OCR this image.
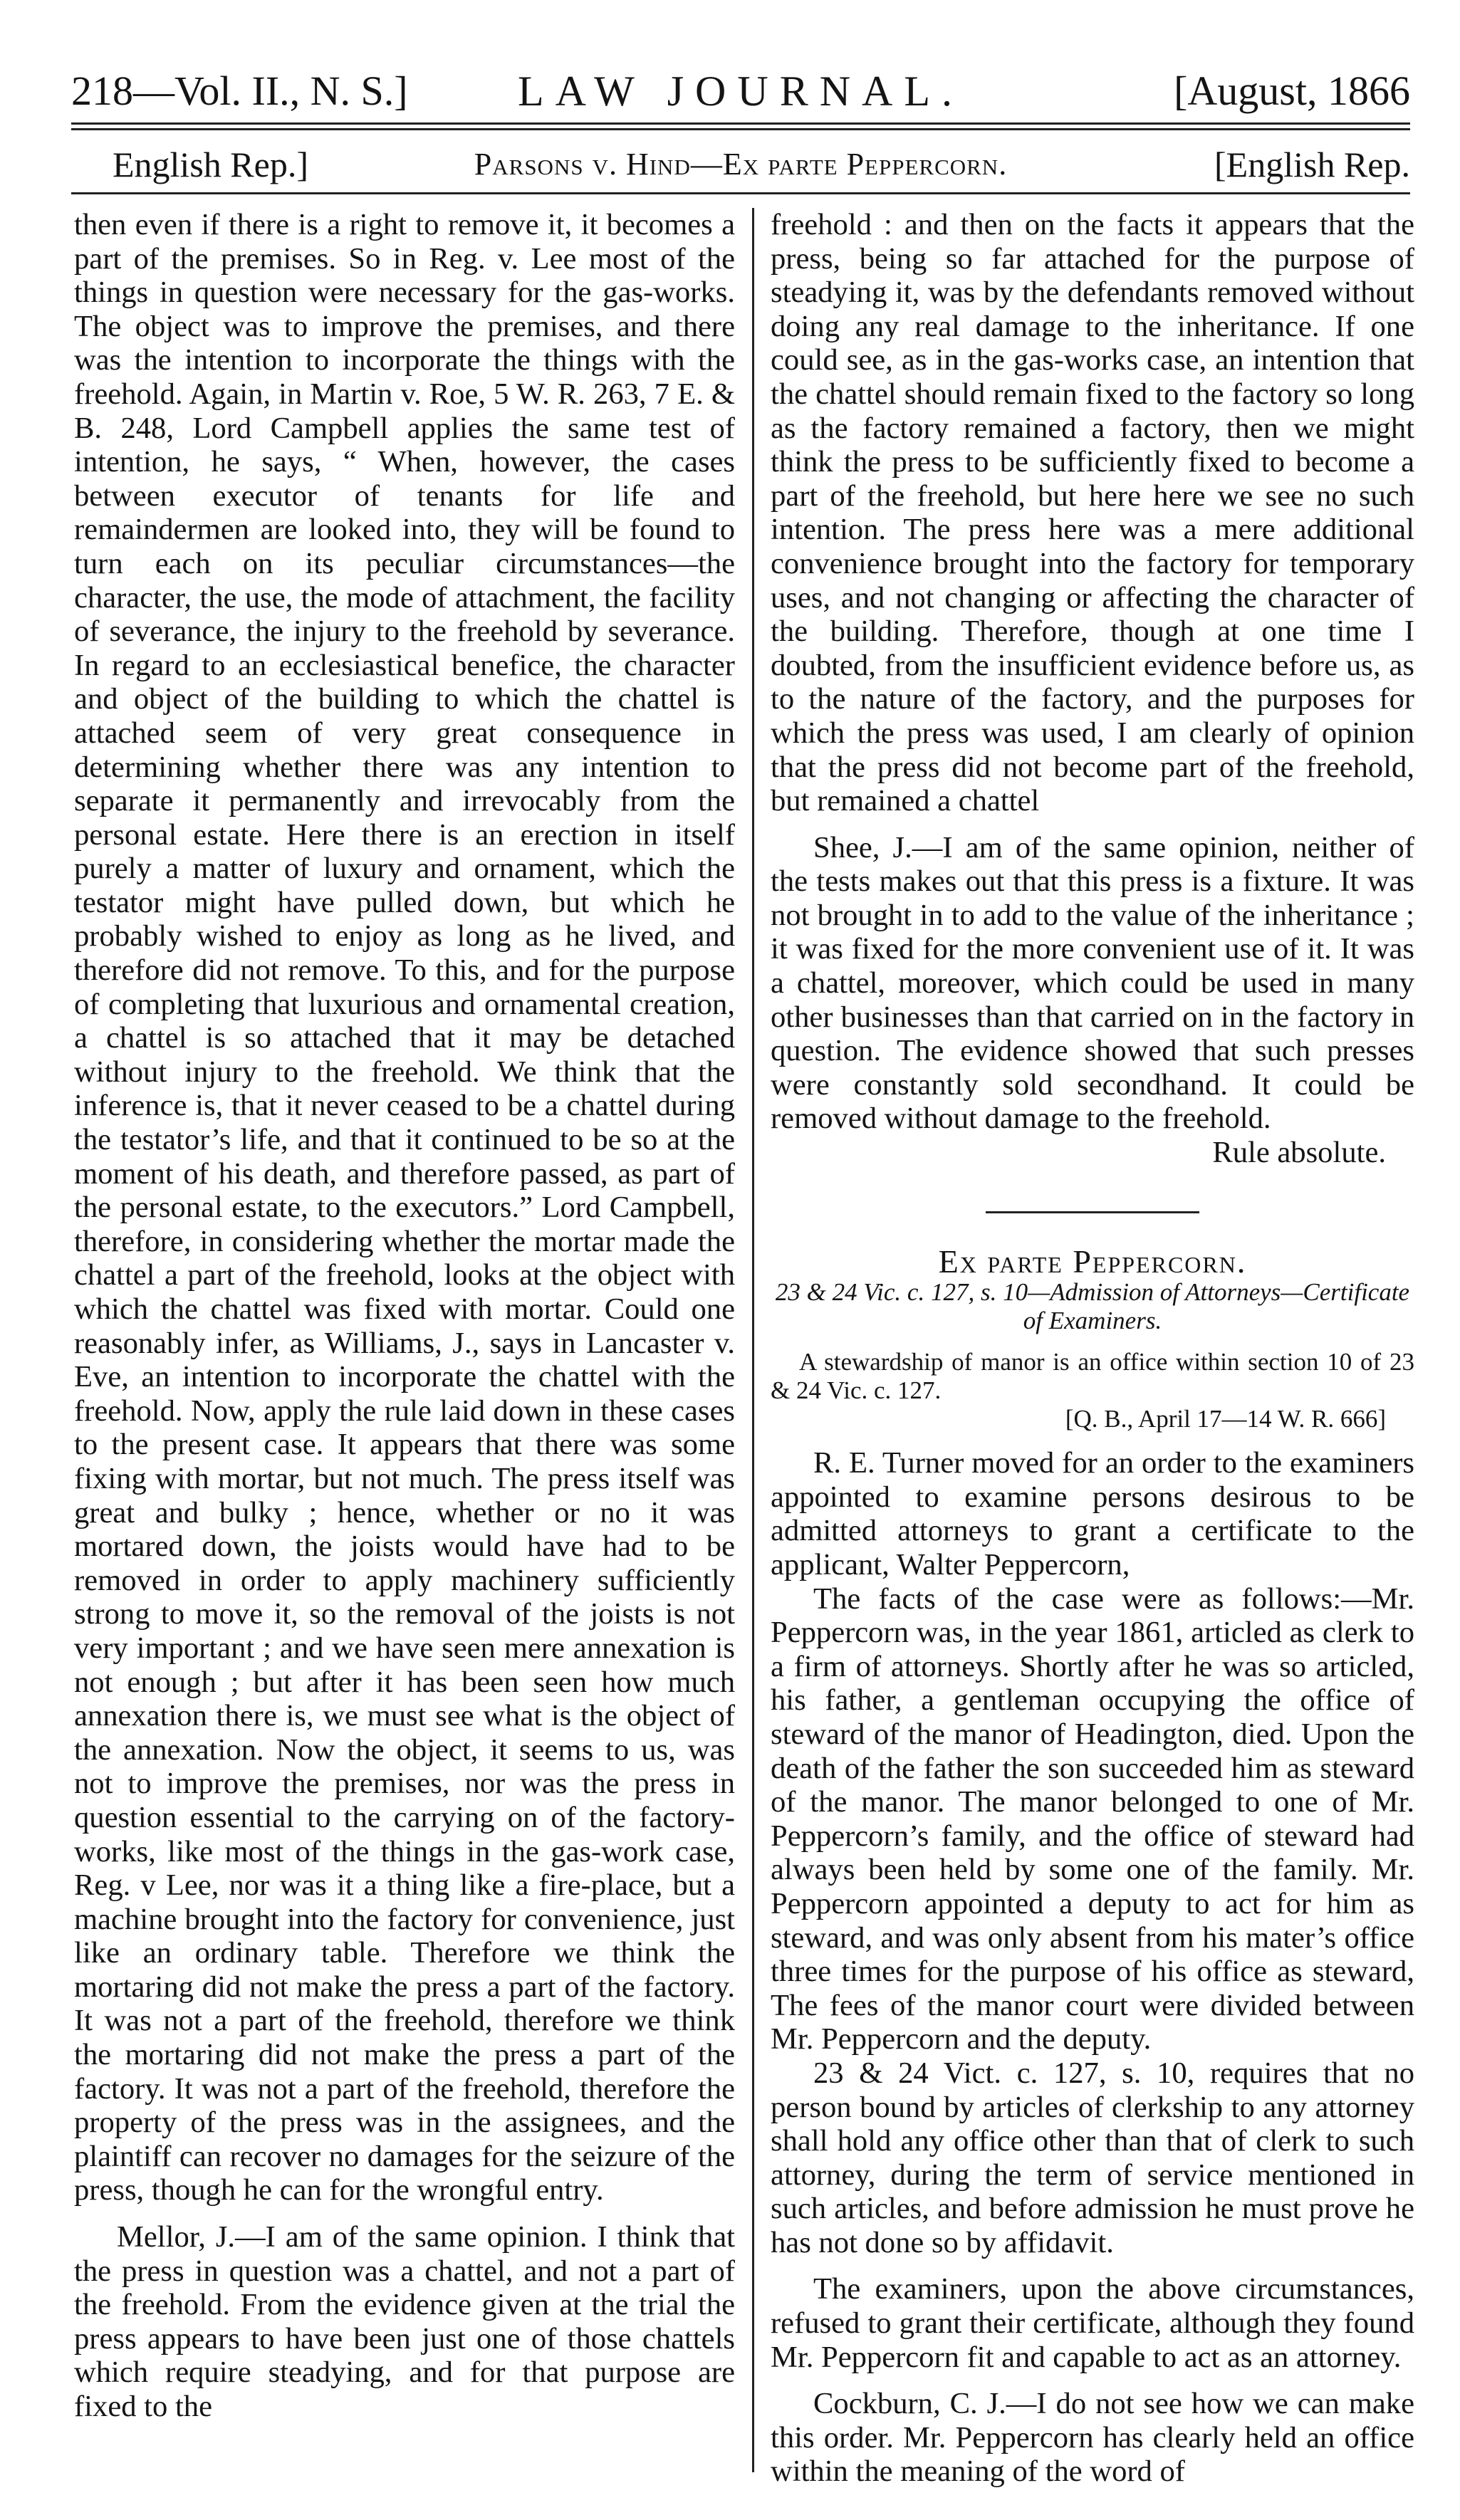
218—Vol. II., N. S.]	LAW JOURNAL.	[August, 1866
English Rep.]	Parsons v. Hind—Ex parte Peppercorn.	[English Rep.

then even if there is a right to remove it, it becomes a part of the premises. So in Reg. v. Lee most of the things in question were necessary for the gas-works. The object was to improve the premises, and there was the intention to incorporate the things with the freehold. Again, in Martin v. Roe, 5 W. R. 263, 7 E. & B. 248, Lord Campbell applies the same test of intention, he says, “ When, however, the cases between executor of tenants for life and remaindermen are looked into, they will be found to turn each on its peculiar circumstances—the character, the use, the mode of attachment, the facility of severance, the injury to the freehold by severance. In regard to an ecclesiastical benefice, the character and object of the building to which the chattel is attached seem of very great consequence in determining whether there was any intention to separate it permanently and irrevocably from the personal estate. Here there is an erection in itself purely a matter of luxury and ornament, which the testator might have pulled down, but which he probably wished to enjoy as long as he lived, and therefore did not remove. To this, and for the purpose of completing that luxurious and ornamental creation, a chattel is so attached that it may be detached without injury to the freehold. We think that the inference is, that it never ceased to be a chattel during the testator’s life, and that it continued to be so at the moment of his death, and therefore passed, as part of the personal estate, to the executors.” Lord Campbell, therefore, in considering whether the mortar made the chattel a part of the freehold, looks at the object with which the chattel was fixed with mortar. Could one reasonably infer, as Williams, J., says in Lancaster v. Eve, an intention to incorporate the chattel with the freehold. Now, apply the rule laid down in these cases to the present case. It appears that there was some fixing with mortar, but not much. The press itself was great and bulky ; hence, whether or no it was mortared down, the joists would have had to be removed in order to apply machinery sufficiently strong to move it, so the removal of the joists is not very important ; and we have seen mere annexation is not enough ; but after it has been seen how much annexation there is, we must see what is the object of the annexation. Now the object, it seems to us, was not to improve the premises, nor was the press in question essential to the carrying on of the factory-works, like most of the things in the gas-work case, Reg. v Lee, nor was it a thing like a fire-place, but a machine brought into the factory for convenience, just like an ordinary table. Therefore we think the mortaring did not make the press a part of the factory. It was not a part of the freehold, therefore we think the mortaring did not make the press a part of the factory. It was not a part of the freehold, therefore the property of the press was in the assignees, and the plaintiff can recover no damages for the seizure of the press, though he can for the wrongful entry.

Mellor, J.—I am of the same opinion. I think that the press in question was a chattel, and not a part of the freehold. From the evidence given at the trial the press appears to have been just one of those chattels which require steadying, and for that purpose are fixed to the

freehold : and then on the facts it appears that the press, being so far attached for the purpose of steadying it, was by the defendants removed without doing any real damage to the inheritance. If one could see, as in the gas-works case, an intention that the chattel should remain fixed to the factory so long as the factory remained a factory, then we might think the press to be sufficiently fixed to become a part of the freehold, but here here we see no such intention. The press here was a mere additional convenience brought into the factory for temporary uses, and not changing or affecting the character of the building. Therefore, though at one time I doubted, from the insufficient evidence before us, as to the nature of the factory, and the purposes for which the press was used, I am clearly of opinion that the press did not become part of the freehold, but remained a chattel

Shee, J.—I am of the same opinion, neither of the tests makes out that this press is a fixture. It was not brought in to add to the value of the inheritance ; it was fixed for the more convenient use of it. It was a chattel, moreover, which could be used in many other businesses than that carried on in the factory in question. The evidence showed that such presses were constantly sold secondhand. It could be removed without damage to the freehold.

Rule absolute.

Ex parte Peppercorn.

23 & 24 Vic. c. 127, s. 10—Admission of Attorneys—Certificate of Examiners.

A stewardship of manor is an office within section 10 of 23 & 24 Vic. c. 127.

[Q. B., April 17—14 W. R. 666]

R. E. Turner moved for an order to the examiners appointed to examine persons desirous to be admitted attorneys to grant a certificate to the applicant, Walter Peppercorn,

The facts of the case were as follows:—Mr. Peppercorn was, in the year 1861, articled as clerk to a firm of attorneys. Shortly after he was so articled, his father, a gentleman occupying the office of steward of the manor of Headington, died. Upon the death of the father the son succeeded him as steward of the manor. The manor belonged to one of Mr. Peppercorn’s family, and the office of steward had always been held by some one of the family. Mr. Peppercorn appointed a deputy to act for him as steward, and was only absent from his mater’s office three times for the purpose of his office as steward, The fees of the manor court were divided between Mr. Peppercorn and the deputy.

23 & 24 Vict. c. 127, s. 10, requires that no person bound by articles of clerkship to any attorney shall hold any office other than that of clerk to such attorney, during the term of service mentioned in such articles, and before admission he must prove he has not done so by affidavit.

The examiners, upon the above circumstances, refused to grant their certificate, although they found Mr. Peppercorn fit and capable to act as an attorney.

Cockburn, C. J.—I do not see how we can make this order. Mr. Peppercorn has clearly held an office within the meaning of the word of
